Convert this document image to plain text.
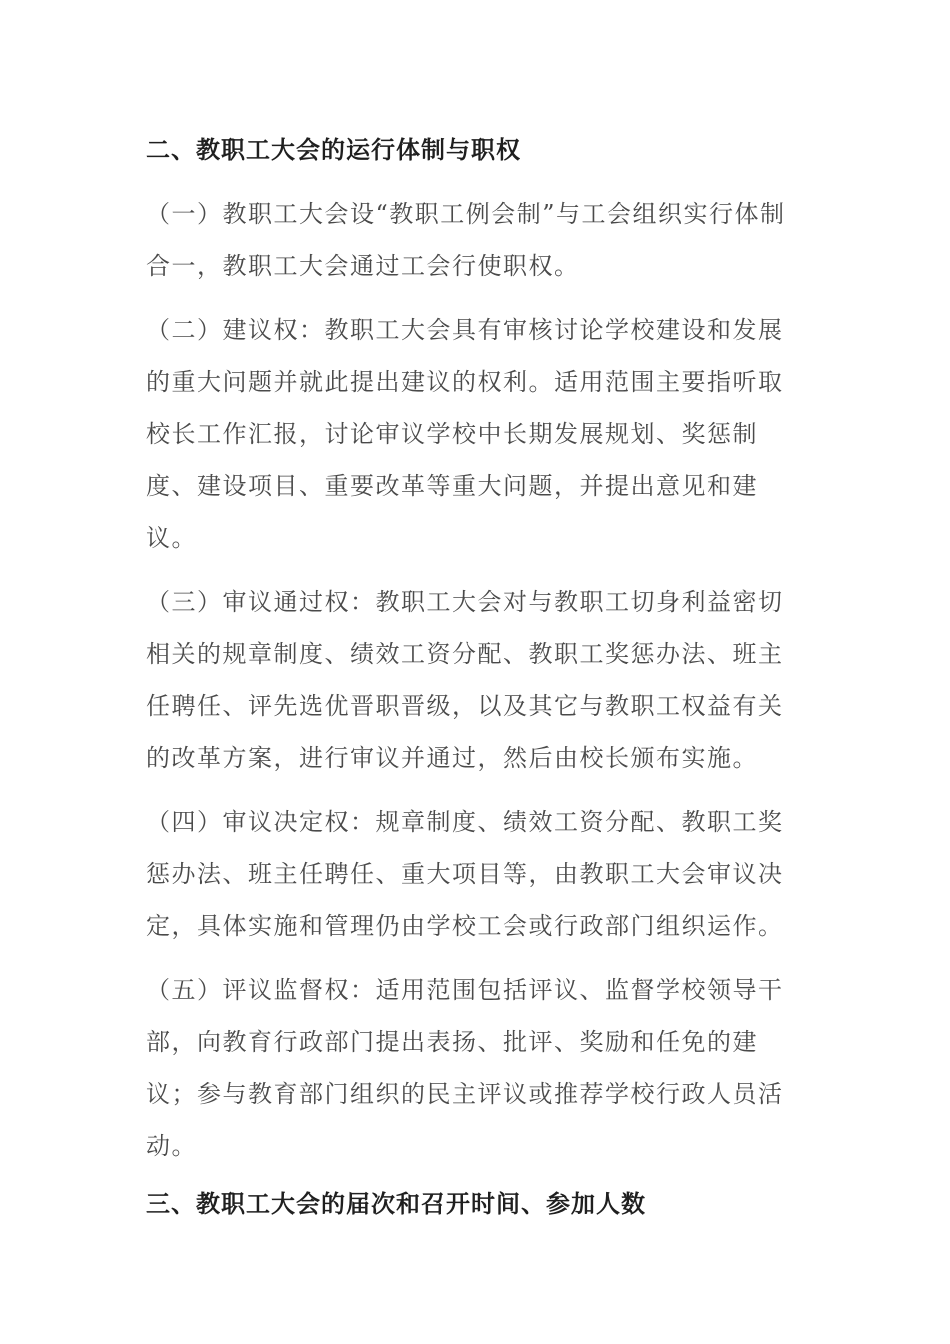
二、教职工大会的运行体制与职权

（一）教职工大会设“教职工例会制”与工会组织实行体制合一，教职工大会通过工会行使职权。

（二）建议权：教职工大会具有审核讨论学校建设和发展的重大问题并就此提出建议的权利。适用范围主要指听取校长工作汇报，讨论审议学校中长期发展规划、奖惩制度、建设项目、重要改革等重大问题，并提出意见和建议。

（三）审议通过权：教职工大会对与教职工切身利益密切相关的规章制度、绩效工资分配、教职工奖惩办法、班主任聘任、评先选优晋职晋级，以及其它与教职工权益有关的改革方案，进行审议并通过，然后由校长颁布实施。

（四）审议决定权：规章制度、绩效工资分配、教职工奖惩办法、班主任聘任、重大项目等，由教职工大会审议决定，具体实施和管理仍由学校工会或行政部门组织运作。

（五）评议监督权：适用范围包括评议、监督学校领导干部，向教育行政部门提出表扬、批评、奖励和任免的建议；参与教育部门组织的民主评议或推荐学校行政人员活动。

三、教职工大会的届次和召开时间、参加人数
